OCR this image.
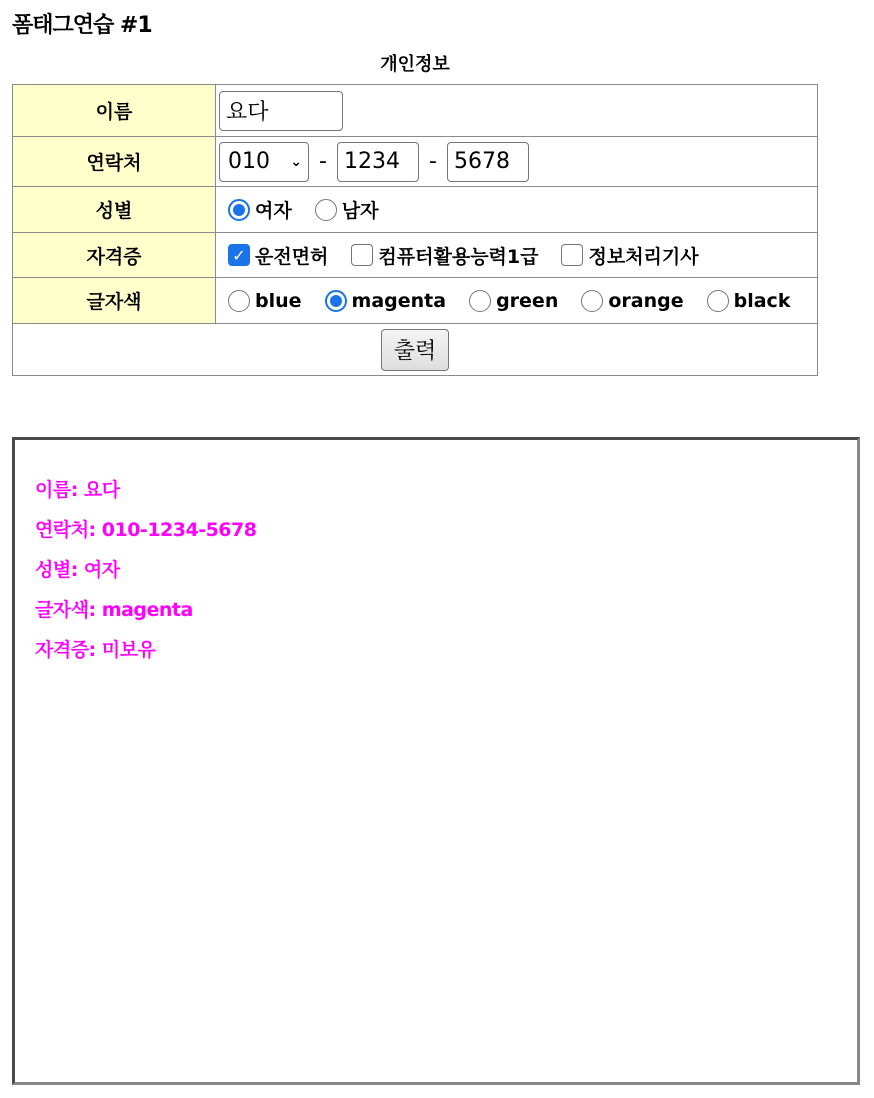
폼태그연습 #1
개인정보
이름	요다
연락처	010 ⌄ -1234 -5678
성별	여자 남자

자격증	✓ 운전면허 컴퓨터활용능력1급 정보처리기사

글자색	blue magenta green orange black

출력	
이름: 요다
연락처: 010-1234-5678
성별: 여자
글자색: magenta
자격증: 미보유
